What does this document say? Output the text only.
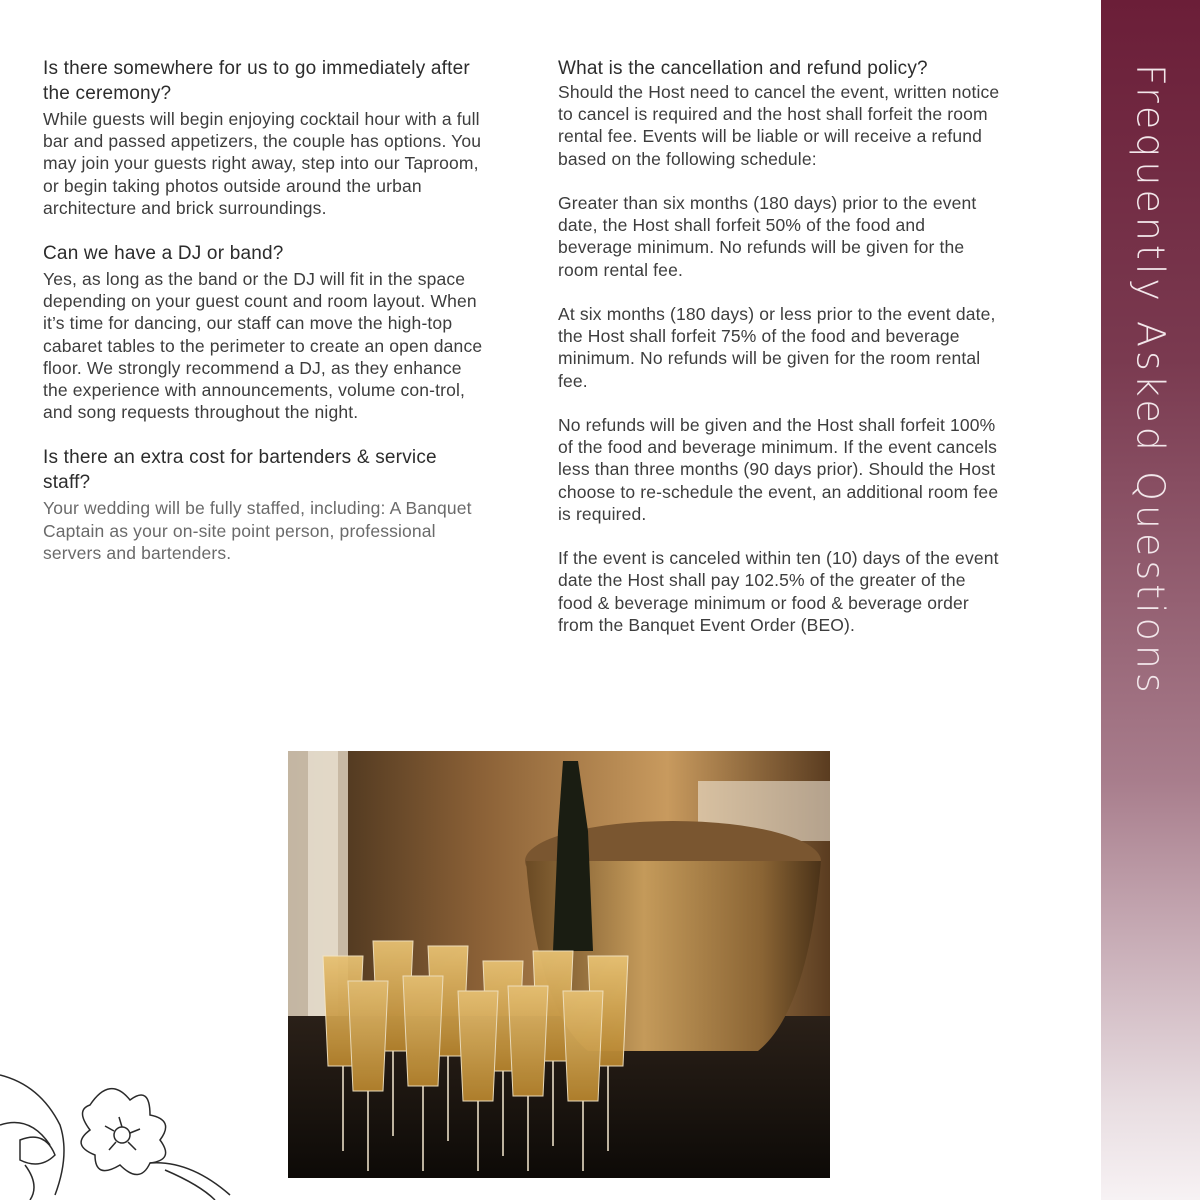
Is there somewhere for us to go immediately after the ceremony?

While guests will begin enjoying cocktail hour with a full bar and passed appetizers, the couple has options. You may join your guests right away, step into our Taproom, or begin taking photos outside around the urban architecture and brick surroundings.

Can we have a DJ or band?

Yes, as long as the band or the DJ will fit in the space depending on your guest count and room layout. When it’s time for dancing, our staff can move the high-top cabaret tables to the perimeter to create an open dance floor. We strongly recommend a DJ, as they enhance the experience with announcements, volume con-trol, and song requests throughout the night.

Is there an extra cost for bartenders & service staff?

Your wedding will be fully staffed, including: A Banquet Captain as your on-site point person, professional servers and bartenders.

What is the cancellation and refund policy?

Should the Host need to cancel the event, written notice to cancel is required and the host shall forfeit the room rental fee. Events will be liable or will receive a refund based on the following schedule:

Greater than six months (180 days) prior to the event date, the Host shall forfeit 50% of the food and beverage minimum. No refunds will be given for the room rental fee.

At six months (180 days) or less prior to the event date, the Host shall forfeit 75% of the food and beverage minimum. No refunds will be given for the room rental fee.

No refunds will be given and the Host shall forfeit 100% of the food and beverage minimum. If the event cancels less than three months (90 days prior). Should the Host choose to re-schedule the event, an additional room fee is required.

If the event is canceled within ten (10) days of the event date the Host shall pay 102.5% of the greater of the food & beverage minimum or food & beverage order from the Banquet Event Order (BEO).	Frequently Asked Questions
